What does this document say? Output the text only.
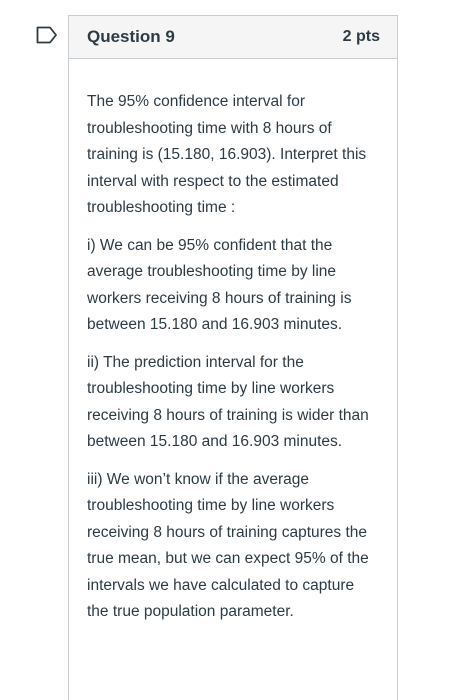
Question 9	2 pts

The 95% confidence interval for troubleshooting time with 8 hours of training is (15.180, 16.903). Interpret this interval with respect to the estimated troubleshooting time :

i) We can be 95% confident that the average troubleshooting time by line workers receiving 8 hours of training is between 15.180 and 16.903 minutes.

ii) The prediction interval for the troubleshooting time by line workers receiving 8 hours of training is wider than between 15.180 and 16.903 minutes.

iii) We won’t know if the average troubleshooting time by line workers receiving 8 hours of training captures the true mean, but we can expect 95% of the intervals we have calculated to capture the true population parameter.
